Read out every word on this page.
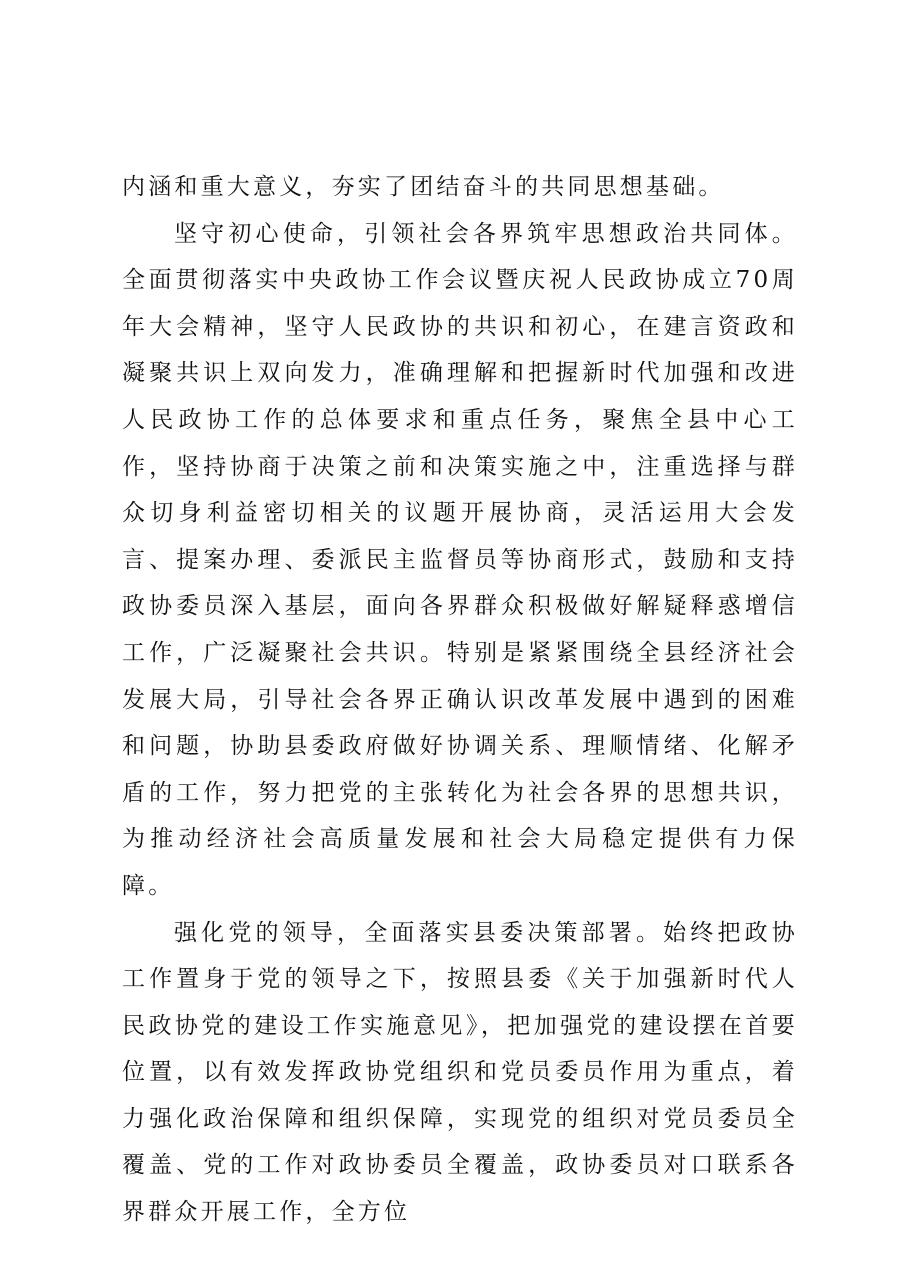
内涵和重大意义，夯实了团结奋斗的共同思想基础。

坚守初心使命，引领社会各界筑牢思想政治共同体。全面贯彻落实中央政协工作会议暨庆祝人民政协成立70周年大会精神，坚守人民政协的共识和初心，在建言资政和凝聚共识上双向发力，准确理解和把握新时代加强和改进人民政协工作的总体要求和重点任务，聚焦全县中心工作，坚持协商于决策之前和决策实施之中，注重选择与群众切身利益密切相关的议题开展协商，灵活运用大会发言、提案办理、委派民主监督员等协商形式，鼓励和支持政协委员深入基层，面向各界群众积极做好解疑释惑增信工作，广泛凝聚社会共识。特别是紧紧围绕全县经济社会发展大局，引导社会各界正确认识改革发展中遇到的困难和问题，协助县委政府做好协调关系、理顺情绪、化解矛盾的工作，努力把党的主张转化为社会各界的思想共识，为推动经济社会高质量发展和社会大局稳定提供有力保障。

强化党的领导，全面落实县委决策部署。始终把政协工作置身于党的领导之下，按照县委《关于加强新时代人民政协党的建设工作实施意见》，把加强党的建设摆在首要位置，以有效发挥政协党组织和党员委员作用为重点，着力强化政治保障和组织保障，实现党的组织对党员委员全覆盖、党的工作对政协委员全覆盖，政协委员对口联系各界群众开展工作，全方位
